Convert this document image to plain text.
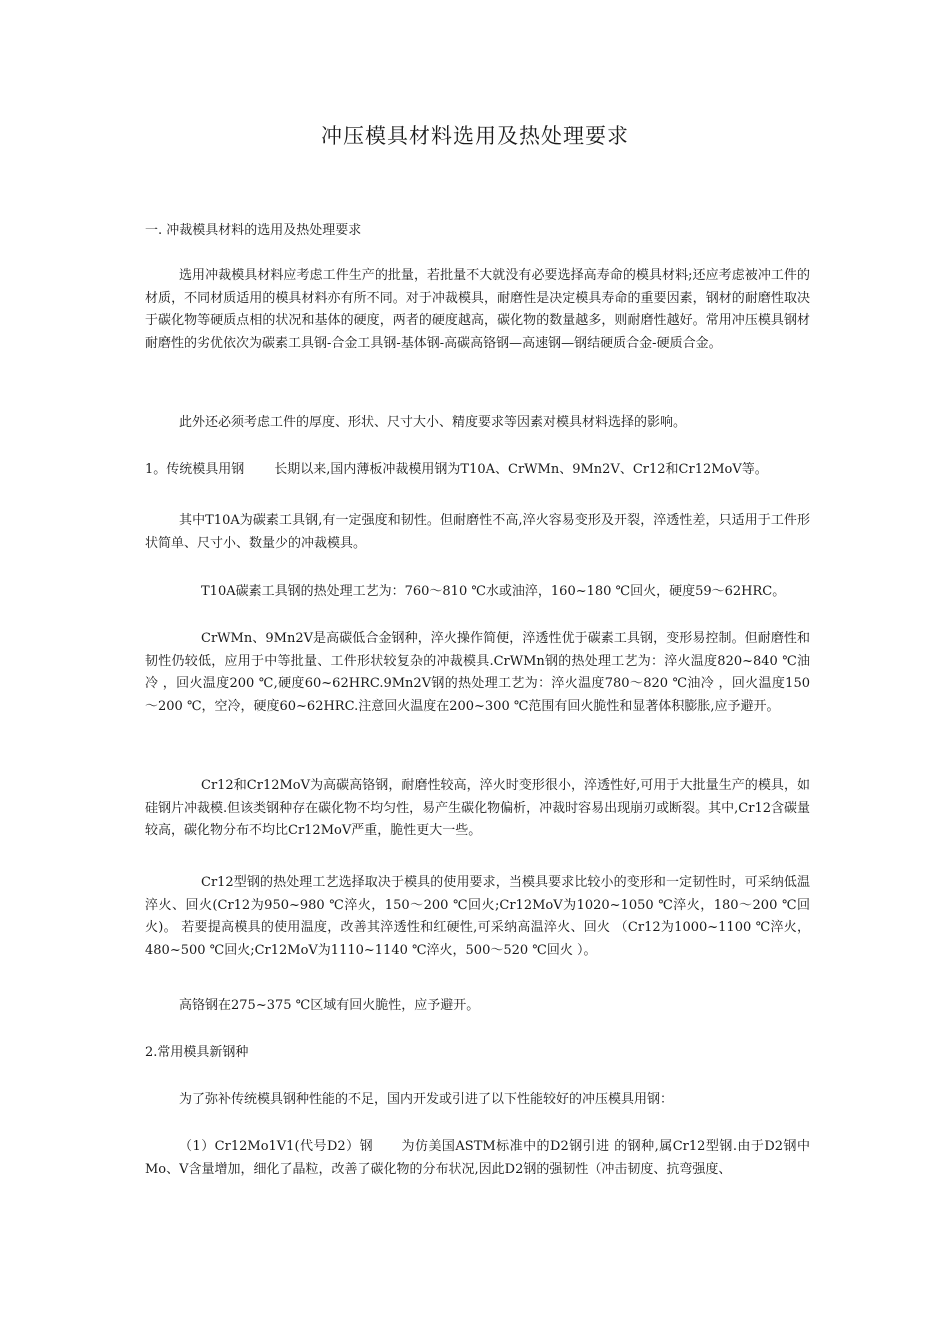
冲压模具材料选用及热处理要求

一. 冲裁模具材料的选用及热处理要求

选用冲裁模具材料应考虑工件生产的批量，若批量不大就没有必要选择高寿命的模具材料;还应考虑被冲工件的材质，不同材质适用的模具材料亦有所不同。对于冲裁模具，耐磨性是决定模具寿命的重要因素，钢材的耐磨性取决于碳化物等硬质点相的状况和基体的硬度，两者的硬度越高，碳化物的数量越多，则耐磨性越好。常用冲压模具钢材耐磨性的劣优依次为碳素工具钢-合金工具钢-基体钢-高碳高铬钢—高速钢—钢结硬质合金-硬质合金。

此外还必须考虑工件的厚度、形状、尺寸大小、精度要求等因素对模具材料选择的影响。

1。传统模具用钢 长期以来,国内薄板冲裁模用钢为T10A、CrWMn、9Mn2V、Cr12和Cr12MoV等。

其中T10A为碳素工具钢,有一定强度和韧性。但耐磨性不高,淬火容易变形及开裂，淬透性差，只适用于工件形状简单、尺寸小、数量少的冲裁模具。

T10A碳素工具钢的热处理工艺为：760～810 ℃水或油淬，160~180 ℃回火，硬度59～62HRC。

CrWMn、9Mn2V是高碳低合金钢种，淬火操作简便，淬透性优于碳素工具钢，变形易控制。但耐磨性和韧性仍较低，应用于中等批量、工件形状较复杂的冲裁模具.CrWMn钢的热处理工艺为：淬火温度820~840 ℃油冷 ，回火温度200 ℃,硬度60~62HRC.9Mn2V钢的热处理工艺为：淬火温度780～820 ℃油冷 ，回火温度150～200 ℃，空冷，硬度60~62HRC.注意回火温度在200~300 ℃范围有回火脆性和显著体积膨胀,应予避开。

Cr12和Cr12MoV为高碳高铬钢，耐磨性较高，淬火时变形很小，淬透性好,可用于大批量生产的模具，如硅钢片冲裁模.但该类钢种存在碳化物不均匀性，易产生碳化物偏析，冲裁时容易出现崩刃或断裂。其中,Cr12含碳量较高，碳化物分布不均比Cr12MoV严重，脆性更大一些。

Cr12型钢的热处理工艺选择取决于模具的使用要求，当模具要求比较小的变形和一定韧性时，可采纳低温淬火、回火(Cr12为950~980 ℃淬火，150～200 ℃回火;Cr12MoV为1020~1050 ℃淬火，180～200 ℃回火)。 若要提高模具的使用温度，改善其淬透性和红硬性,可采纳高温淬火、回火 （Cr12为1000~1100 ℃淬火，480~500 ℃回火;Cr12MoV为1110~1140 ℃淬火，500～520 ℃回火 ）。

高铬钢在275~375 ℃区域有回火脆性，应予避开。

2.常用模具新钢种

为了弥补传统模具钢种性能的不足，国内开发或引进了以下性能较好的冲压模具用钢：

（1）Cr12Mo1V1(代号D2）钢 为仿美国ASTM标准中的D2钢引进 的钢种,属Cr12型钢.由于D2钢中Mo、V含量增加，细化了晶粒，改善了碳化物的分布状况,因此D2钢的强韧性（冲击韧度、抗弯强度、
